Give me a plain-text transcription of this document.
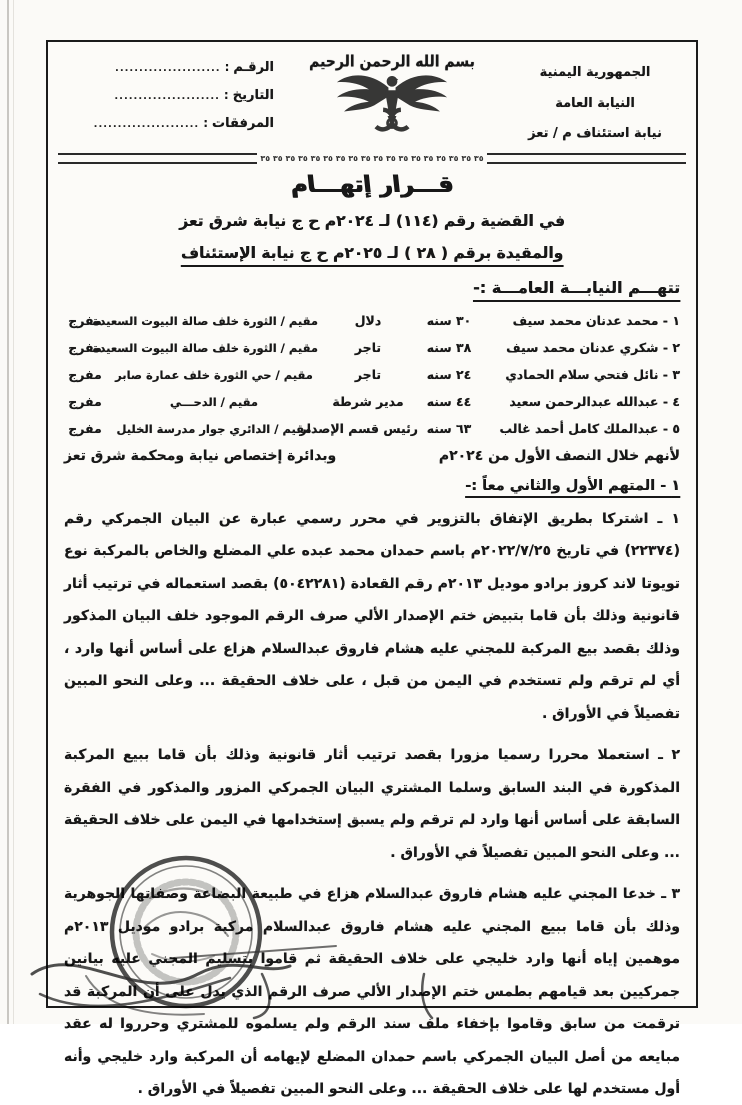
الجمهورية اليمنية
النيابة العامة
نيابة استئناف م / تعز
بسم الله الرحمن الرحيم
الرقـم
:
......................
التاريخ
:
......................
المرفقات
:
......................
٣٥ ٣٥ ٣٥ ٣٥ ٣٥ ٣٥ ٣٥ ٣٥ ٣٥ ٣٥ ٣٥ ٣٥ ٣٥ ٣٥ ٣٥ ٣٥ ٣٥ ٣٥
قـــرار إتهـــام
في القضية رقم (١١٤) لـ ٢٠٢٤م ح ج نيابة شرق تعز
والمقيدة برقم ( ٢٨ ) لـ ٢٠٢٥م ح ج نيابة الإستئناف
تتهـــم النيابـــة العامـــة :-
١ - محمد عدنان محمد سيف
٣٠ سنه
دلال
مقيم / الثورة خلف صالة البيوت السعيدة
مفرج
٢ - شكري عدنان محمد سيف
٣٨ سنه
تاجر
مقيم / الثورة خلف صالة البيوت السعيدة
مفرج
٣ - نائل فتحي سلام الحمادي
٢٤ سنه
تاجر
مقيم / حي الثورة خلف عمارة صابر
مفرج
٤ - عبدالله عبدالرحمن سعيد
٤٤ سنه
مدير شرطة
مقيم / الدحـــي
مفرج
٥ - عبدالملك كامل أحمد غالب
٦٣ سنه
رئيس قسم الإصدار
مقيم / الدائري جوار مدرسة الخليل
مفرج
لأنهم خلال النصف الأول من ٢٠٢٤م
وبدائرة إختصاص نيابة ومحكمة شرق تعز
١ - المتهم الأول والثاني معاً :-
١ ـ اشتركا بطريق الإتفاق بالتزوير في محرر رسمي عبارة عن البيان الجمركي رقم (٢٢٣٧٤) في تاريخ ٢٠٢٢/٧/٢٥م باسم حمدان محمد عبده علي المضلع والخاص بالمركبة نوع تويوتا لاند كروز برادو موديل ٢٠١٣م رقم القعادة (٥٠٤٢٢٨١) بقصد استعماله في ترتيب أثار قانونية وذلك بأن قاما بتبيض ختم الإصدار الألي صرف الرقم الموجود خلف البيان المذكور وذلك بقصد بيع المركبة للمجني عليه هشام فاروق عبدالسلام هزاع على أساس أنها وارد ، أي لم ترقم ولم تستخدم في اليمن من قبل ، على خلاف الحقيقة ... وعلى النحو المبين تفصيلاً في الأوراق .
٢ ـ استعملا محررا رسميا مزورا بقصد ترتيب أثار قانونية وذلك بأن قاما ببيع المركبة المذكورة في البند السابق وسلما المشتري البيان الجمركي المزور والمذكور في الفقرة السابقة على أساس أنها وارد لم ترقم ولم يسبق إستخدامها في اليمن على خلاف الحقيقة ... وعلى النحو المبين تفصيلاً في الأوراق .
٣ ـ خدعا المجني عليه هشام فاروق عبدالسلام هزاع في طبيعة البضاعة وصفاتها الجوهرية وذلك بأن قاما ببيع المجني عليه هشام فاروق عبدالسلام مركبة برادو موديل ٢٠١٣م موهمين إياه أنها وارد خليجي على خلاف الحقيقة ثم قاموا بتسليم المجني عليه بيانين جمركيين بعد قيامهم بطمس ختم الإصدار الألي صرف الرقم الذي يدل على أن المركبة قد ترقمت من سابق وقاموا بإخفاء ملف سند الرقم ولم يسلموه للمشتري وحرروا له عقد مبايعه من أصل البيان الجمركي باسم حمدان المضلع لإيهامه أن المركبة وارد خليجي وأنه أول مستخدم لها على خلاف الحقيقة ... وعلى النحو المبين تفصيلاً في الأوراق .
